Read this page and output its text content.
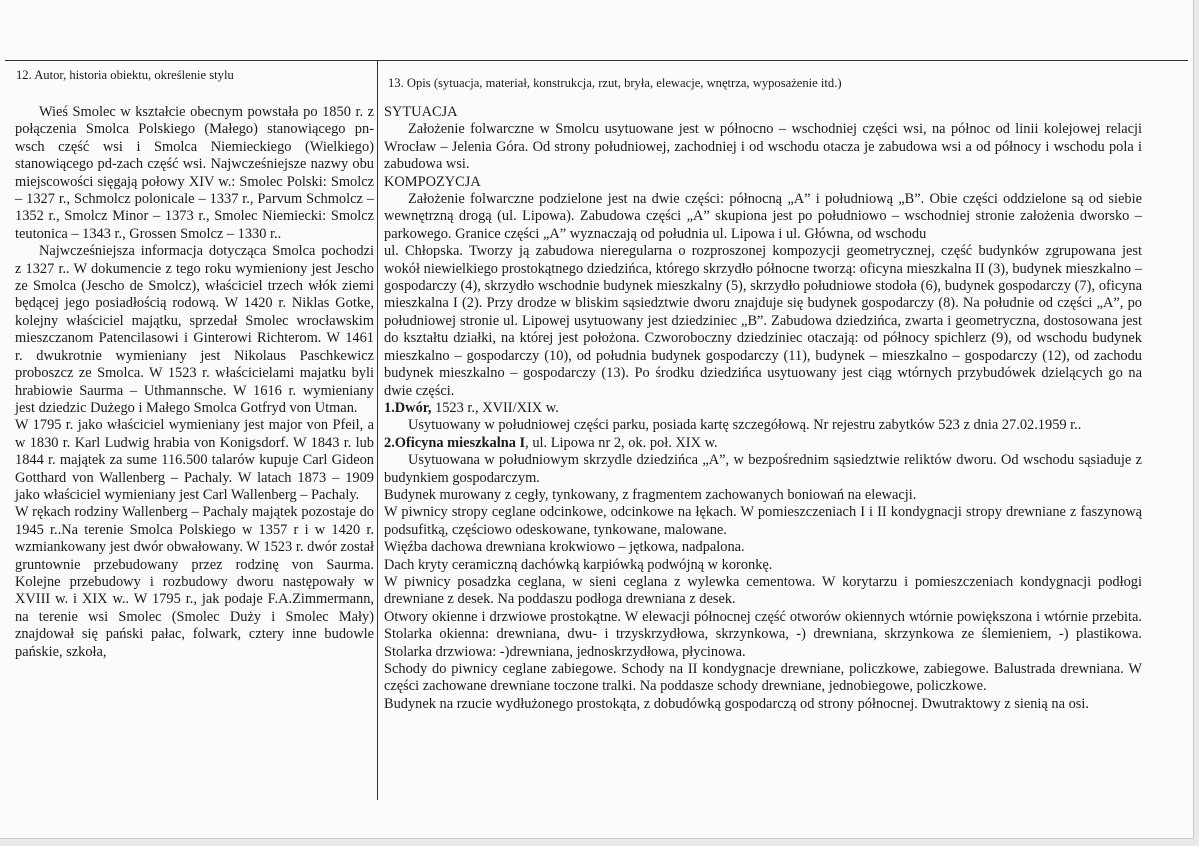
12. Autor, historia obiektu, określenie stylu
13. Opis (sytuacja, materiał, konstrukcja, rzut, bryła, elewacje, wnętrza, wyposażenie itd.)

Wieś Smolec w kształcie obecnym powstała po 1850 r. z połączenia Smolca Polskiego (Małego) stanowiącego pn-wsch część wsi i Smolca Niemieckiego (Wielkiego) stanowiącego pd-zach część wsi. Najwcześniejsze nazwy obu miejscowości sięgają połowy XIV w.: Smolec Polski: Smolcz – 1327 r., Schmolcz polonicale – 1337 r., Parvum Schmolcz – 1352 r., Smolcz Minor – 1373 r., Smolec Niemiecki: Smolcz teutonica – 1343 r., Grossen Smolcz – 1330 r..

Najwcześniejsza informacja dotycząca Smolca pochodzi z 1327 r.. W dokumencie z tego roku wymieniony jest Jescho ze Smolca (Jescho de Smolcz), właściciel trzech włók ziemi będącej jego posiadłością rodową. W 1420 r. Niklas Gotke, kolejny właściciel majątku, sprzedał Smolec wrocławskim mieszczanom Patencilasowi i Ginterowi Richterom. W 1461 r. dwukrotnie wymieniany jest Nikolaus Paschkewicz proboszcz ze Smolca. W 1523 r. właścicielami majatku byli hrabiowie Saurma – Uthmannsche. W 1616 r. wymieniany jest dziedzic Dużego i Małego Smolca Gotfryd von Utman.

W 1795 r. jako właściciel wymieniany jest major von Pfeil, a w 1830 r. Karl Ludwig hrabia von Konigsdorf. W 1843 r. lub 1844 r. majątek za sume 116.500 talarów kupuje Carl Gideon Gotthard von Wallenberg – Pachaly. W latach 1873 – 1909 jako właściciel wymieniany jest Carl Wallenberg – Pachaly.

W rękach rodziny Wallenberg – Pachaly majątek pozostaje do 1945 r..Na terenie Smolca Polskiego w 1357 r i w 1420 r. wzmiankowany jest dwór obwałowany. W 1523 r. dwór został gruntownie przebudowany przez rodzinę von Saurma. Kolejne przebudowy i rozbudowy dworu następowały w XVIII w. i XIX w.. W 1795 r., jak podaje F.A.Zimmermann, na terenie wsi Smolec (Smolec Duży i Smolec Mały) znajdował się pański pałac, folwark, cztery inne budowle pańskie, szkoła,

SYTUACJA

Założenie folwarczne w Smolcu usytuowane jest w północno – wschodniej części wsi, na północ od linii kolejowej relacji Wrocław – Jelenia Góra. Od strony południowej, zachodniej i od wschodu otacza je zabudowa wsi a od północy i wschodu pola i zabudowa wsi.

KOMPOZYCJA

Założenie folwarczne podzielone jest na dwie części: północną „A” i południową „B”. Obie części oddzielone są od siebie wewnętrzną drogą (ul. Lipowa). Zabudowa części „A” skupiona jest po południowo – wschodniej stronie założenia dworsko – parkowego. Granice części „A” wyznaczają od południa ul. Lipowa i ul. Główna, od wschodu

ul. Chłopska. Tworzy ją zabudowa nieregularna o rozproszonej kompozycji geometrycznej, część budynków zgrupowana jest wokół niewielkiego prostokątnego dziedzińca, którego skrzydło północne tworzą: oficyna mieszkalna II (3), budynek mieszkalno – gospodarczy (4), skrzydło wschodnie budynek mieszkalny (5), skrzydło południowe stodoła (6), budynek gospodarczy (7), oficyna mieszkalna I (2). Przy drodze w bliskim sąsiedztwie dworu znajduje się budynek gospodarczy (8). Na południe od części „A”, po południowej stronie ul. Lipowej usytuowany jest dziedziniec „B”. Zabudowa dziedzińca, zwarta i geometryczna, dostosowana jest do kształtu działki, na której jest położona. Czworoboczny dziedziniec otaczają: od północy spichlerz (9), od wschodu budynek mieszkalno – gospodarczy (10), od południa budynek gospodarczy (11), budynek – mieszkalno – gospodarczy (12), od zachodu budynek mieszkalno – gospodarczy (13). Po środku dziedzińca usytuowany jest ciąg wtórnych przybudówek dzielących go na dwie części.

1.Dwór, 1523 r., XVII/XIX w.

Usytuowany w południowej części parku, posiada kartę szczegółową. Nr rejestru zabytków 523 z dnia 27.02.1959 r..

2.Oficyna mieszkalna I, ul. Lipowa nr 2, ok. poł. XIX w.

Usytuowana w południowym skrzydle dziedzińca „A”, w bezpośrednim sąsiedztwie reliktów dworu. Od wschodu sąsiaduje z budynkiem gospodarczym.

Budynek murowany z cegły, tynkowany, z fragmentem zachowanych boniowań na elewacji.

W piwnicy stropy ceglane odcinkowe, odcinkowe na łękach. W pomieszczeniach I i II kondygnacji stropy drewniane z faszynową podsufitką, częściowo odeskowane, tynkowane, malowane.

Więźba dachowa drewniana krokwiowo – jętkowa, nadpalona.

Dach kryty ceramiczną dachówką karpiówką podwójną w koronkę.

W piwnicy posadzka ceglana, w sieni ceglana z wylewka cementowa. W korytarzu i pomieszczeniach kondygnacji podłogi drewniane z desek. Na poddaszu podłoga drewniana z desek.

Otwory okienne i drzwiowe prostokątne. W elewacji północnej część otworów okiennych wtórnie powiększona i wtórnie przebita. Stolarka okienna: drewniana, dwu- i trzyskrzydłowa, skrzynkowa, -) drewniana, skrzynkowa ze ślemieniem, -) plastikowa. Stolarka drzwiowa: -)drewniana, jednoskrzydłowa, płycinowa.

Schody do piwnicy ceglane zabiegowe. Schody na II kondygnacje drewniane, policzkowe, zabiegowe. Balustrada drewniana. W części zachowane drewniane toczone tralki. Na poddasze schody drewniane, jednobiegowe, policzkowe.

Budynek na rzucie wydłużonego prostokąta, z dobudówką gospodarczą od strony północnej. Dwutraktowy z sienią na osi.
